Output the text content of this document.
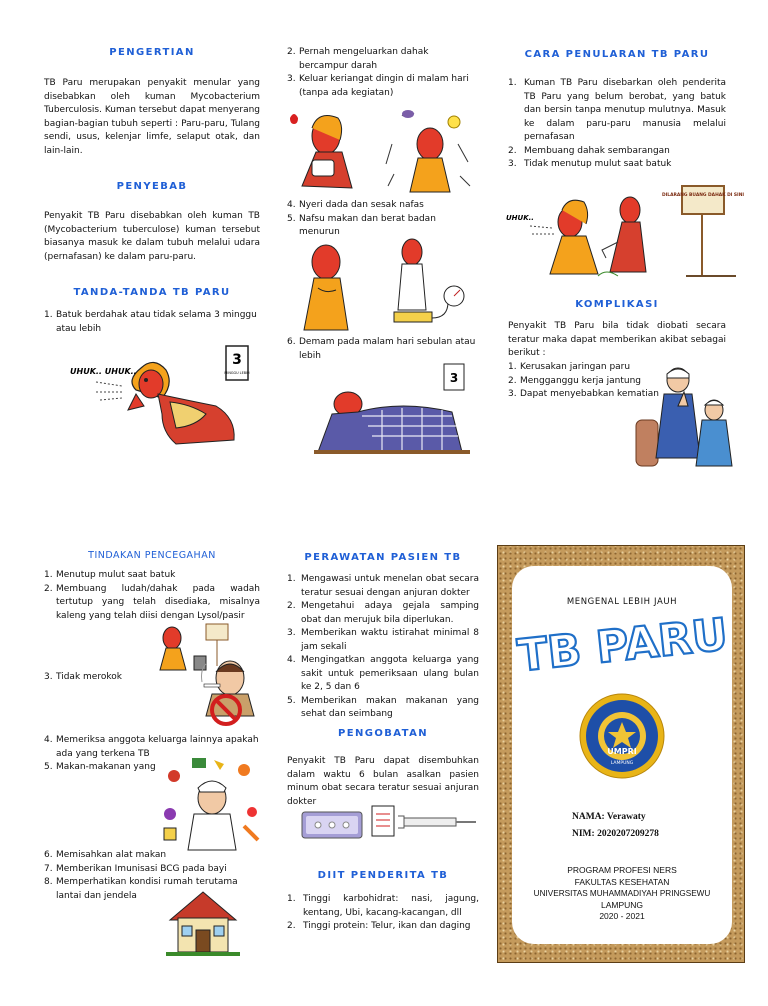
PENGERTIAN

TB Paru merupakan penyakit menular yang disebabkan oleh kuman Mycobacterium Tuberculosis. Kuman tersebut dapat menyerang bagian-bagian tubuh seperti : Paru-paru, Tulang sendi, usus, kelenjar limfe, selaput otak, dan lain-lain.

PENYEBAB

Penyakit TB Paru disebabkan oleh kuman TB (Mycobacterium tuberculose) kuman tersebut biasanya masuk ke dalam tubuh melalui udara (pernafasan) ke dalam paru-paru.

TANDA-TANDA TB PARU
1. Batuk berdahak atau tidak selama 3 minggu atau lebih
3
MINGGU LEBIH
UHUK.. UHUK..
2. Pernah mengeluarkan dahak bercampur darah
3. Keluar keriangat dingin di malam hari (tanpa ada kegiatan)
4. Nyeri dada dan sesak nafas
5. Nafsu makan dan berat badan menurun
6. Demam pada malam hari sebulan atau lebih
3
CARA PENULARAN TB PARU
1. Kuman TB Paru disebarkan oleh penderita TB Paru yang belum berobat, yang batuk dan bersin tanpa menutup mulutnya. Masuk ke dalam paru-paru manusia melalui pernafasan
2. Membuang dahak sembarangan
3. Tidak menutup mulut saat batuk
UHUK..
DILARANG BUANG DAHAK DI SINI
KOMPLIKASI

Penyakit TB Paru bila tidak diobati secara teratur maka dapat memberikan akibat sebagai berikut :

1. Kerusakan jaringan paru
2. Mengganggu kerja jantung
3. Dapat menyebabkan kematian
TINDAKAN PENCEGAHAN
1. Menutup mulut saat batuk
2. Membuang ludah/dahak pada wadah tertutup yang telah disediaka, misalnya kaleng yang telah diisi dengan Lysol/pasir
3. Tidak merokok
4. Memeriksa anggota keluarga lainnya apakah ada yang terkena TB
5. Makan-makanan yang
6. Memisahkan alat makan
7. Memberikan Imunisasi BCG pada bayi
8. Memperhatikan kondisi rumah terutama lantai dan jendela
PERAWATAN PASIEN TB
1. Mengawasi untuk menelan obat secara teratur sesuai dengan anjuran dokter
2. Mengetahui adaya gejala samping obat dan merujuk bila diperlukan.
3. Memberikan waktu istirahat minimal 8 jam sekali
4. Mengingatkan anggota keluarga yang sakit untuk pemeriksaan ulang bulan ke 2, 5 dan 6
5. Memberikan makan makanan yang sehat dan seimbang
PENGOBATAN

Penyakit TB Paru dapat disembuhkan dalam waktu 6 bulan asalkan pasien minum obat secara teratur sesuai anjuran dokter

DIIT PENDERITA TB
1. Tinggi karbohidrat: nasi, jagung, kentang, Ubi, kacang-kacangan, dll
2. Tinggi protein: Telur, ikan dan daging
MENGENAL LEBIH JAUH
TB PARU
UMPRI
LAMPUNG
NAMA: Verawaty
NIM: 2020207209278
PROGRAM PROFESI NERS
FAKULTAS KESEHATAN
UNIVERSITAS MUHAMMADIYAH PRINGSEWU
LAMPUNG
2020 - 2021
